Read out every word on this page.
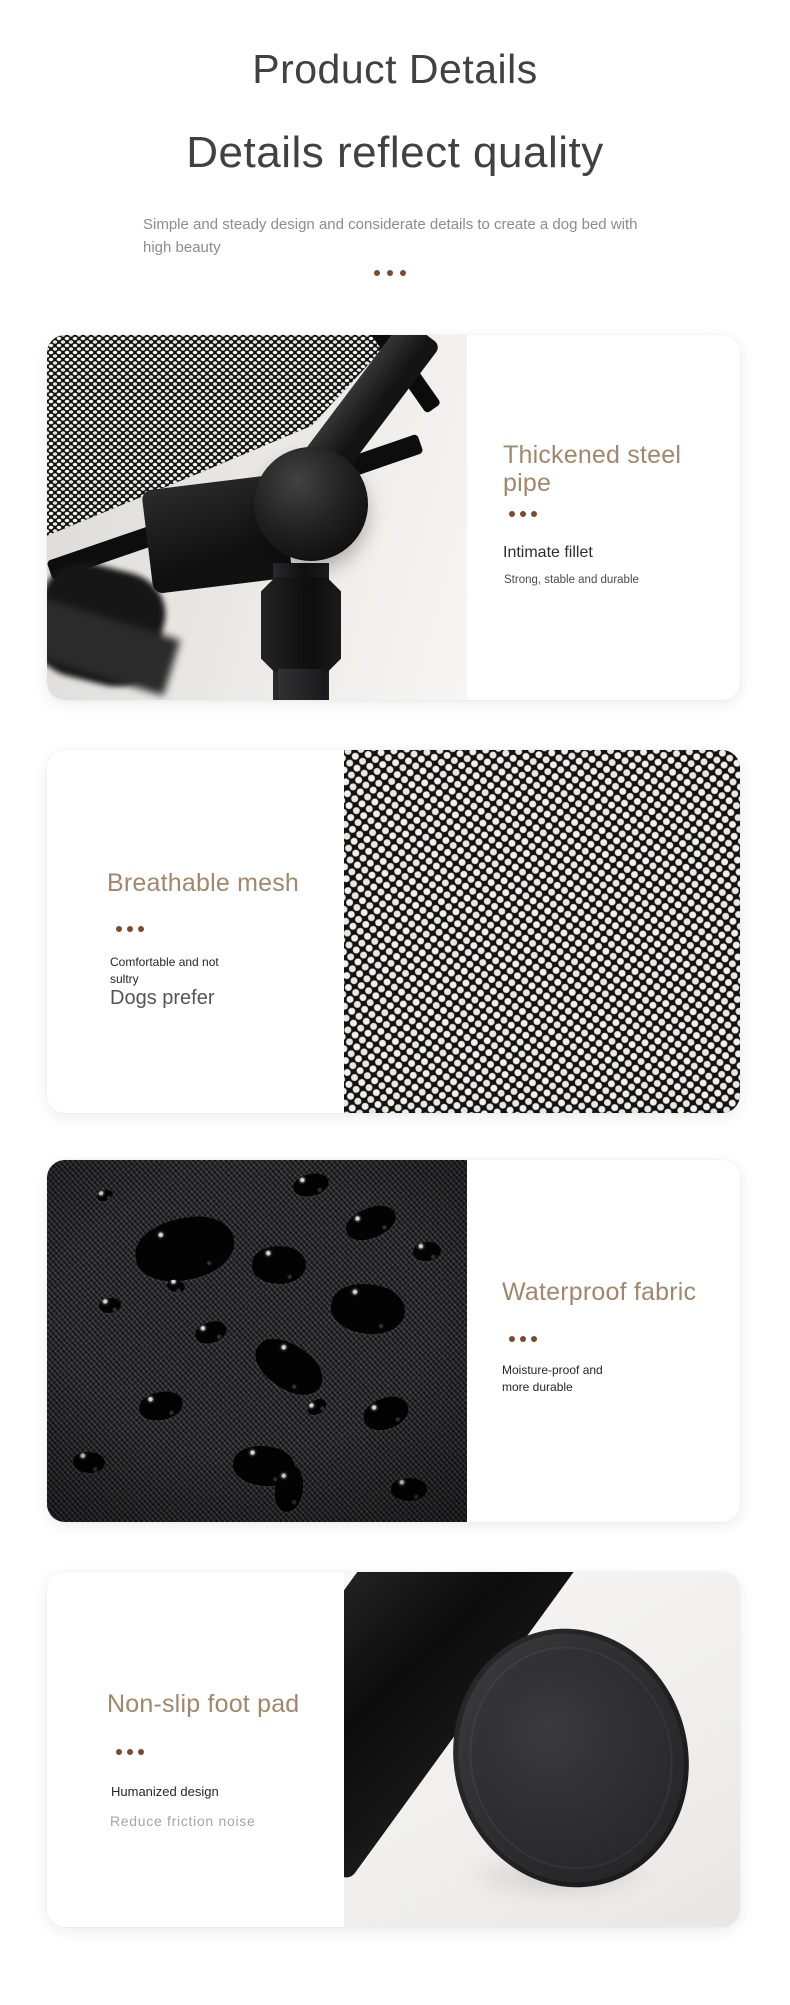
Product Details
Details reflect quality

Simple and steady design and considerate details to create a dog bed with high beauty

Thickened steel pipe

Intimate fillet

Strong, stable and durable

Breathable mesh

Comfortable and not sultry

Dogs prefer

Waterproof fabric

Moisture-proof and more durable

Non-slip foot pad

Humanized design

Reduce friction noise
